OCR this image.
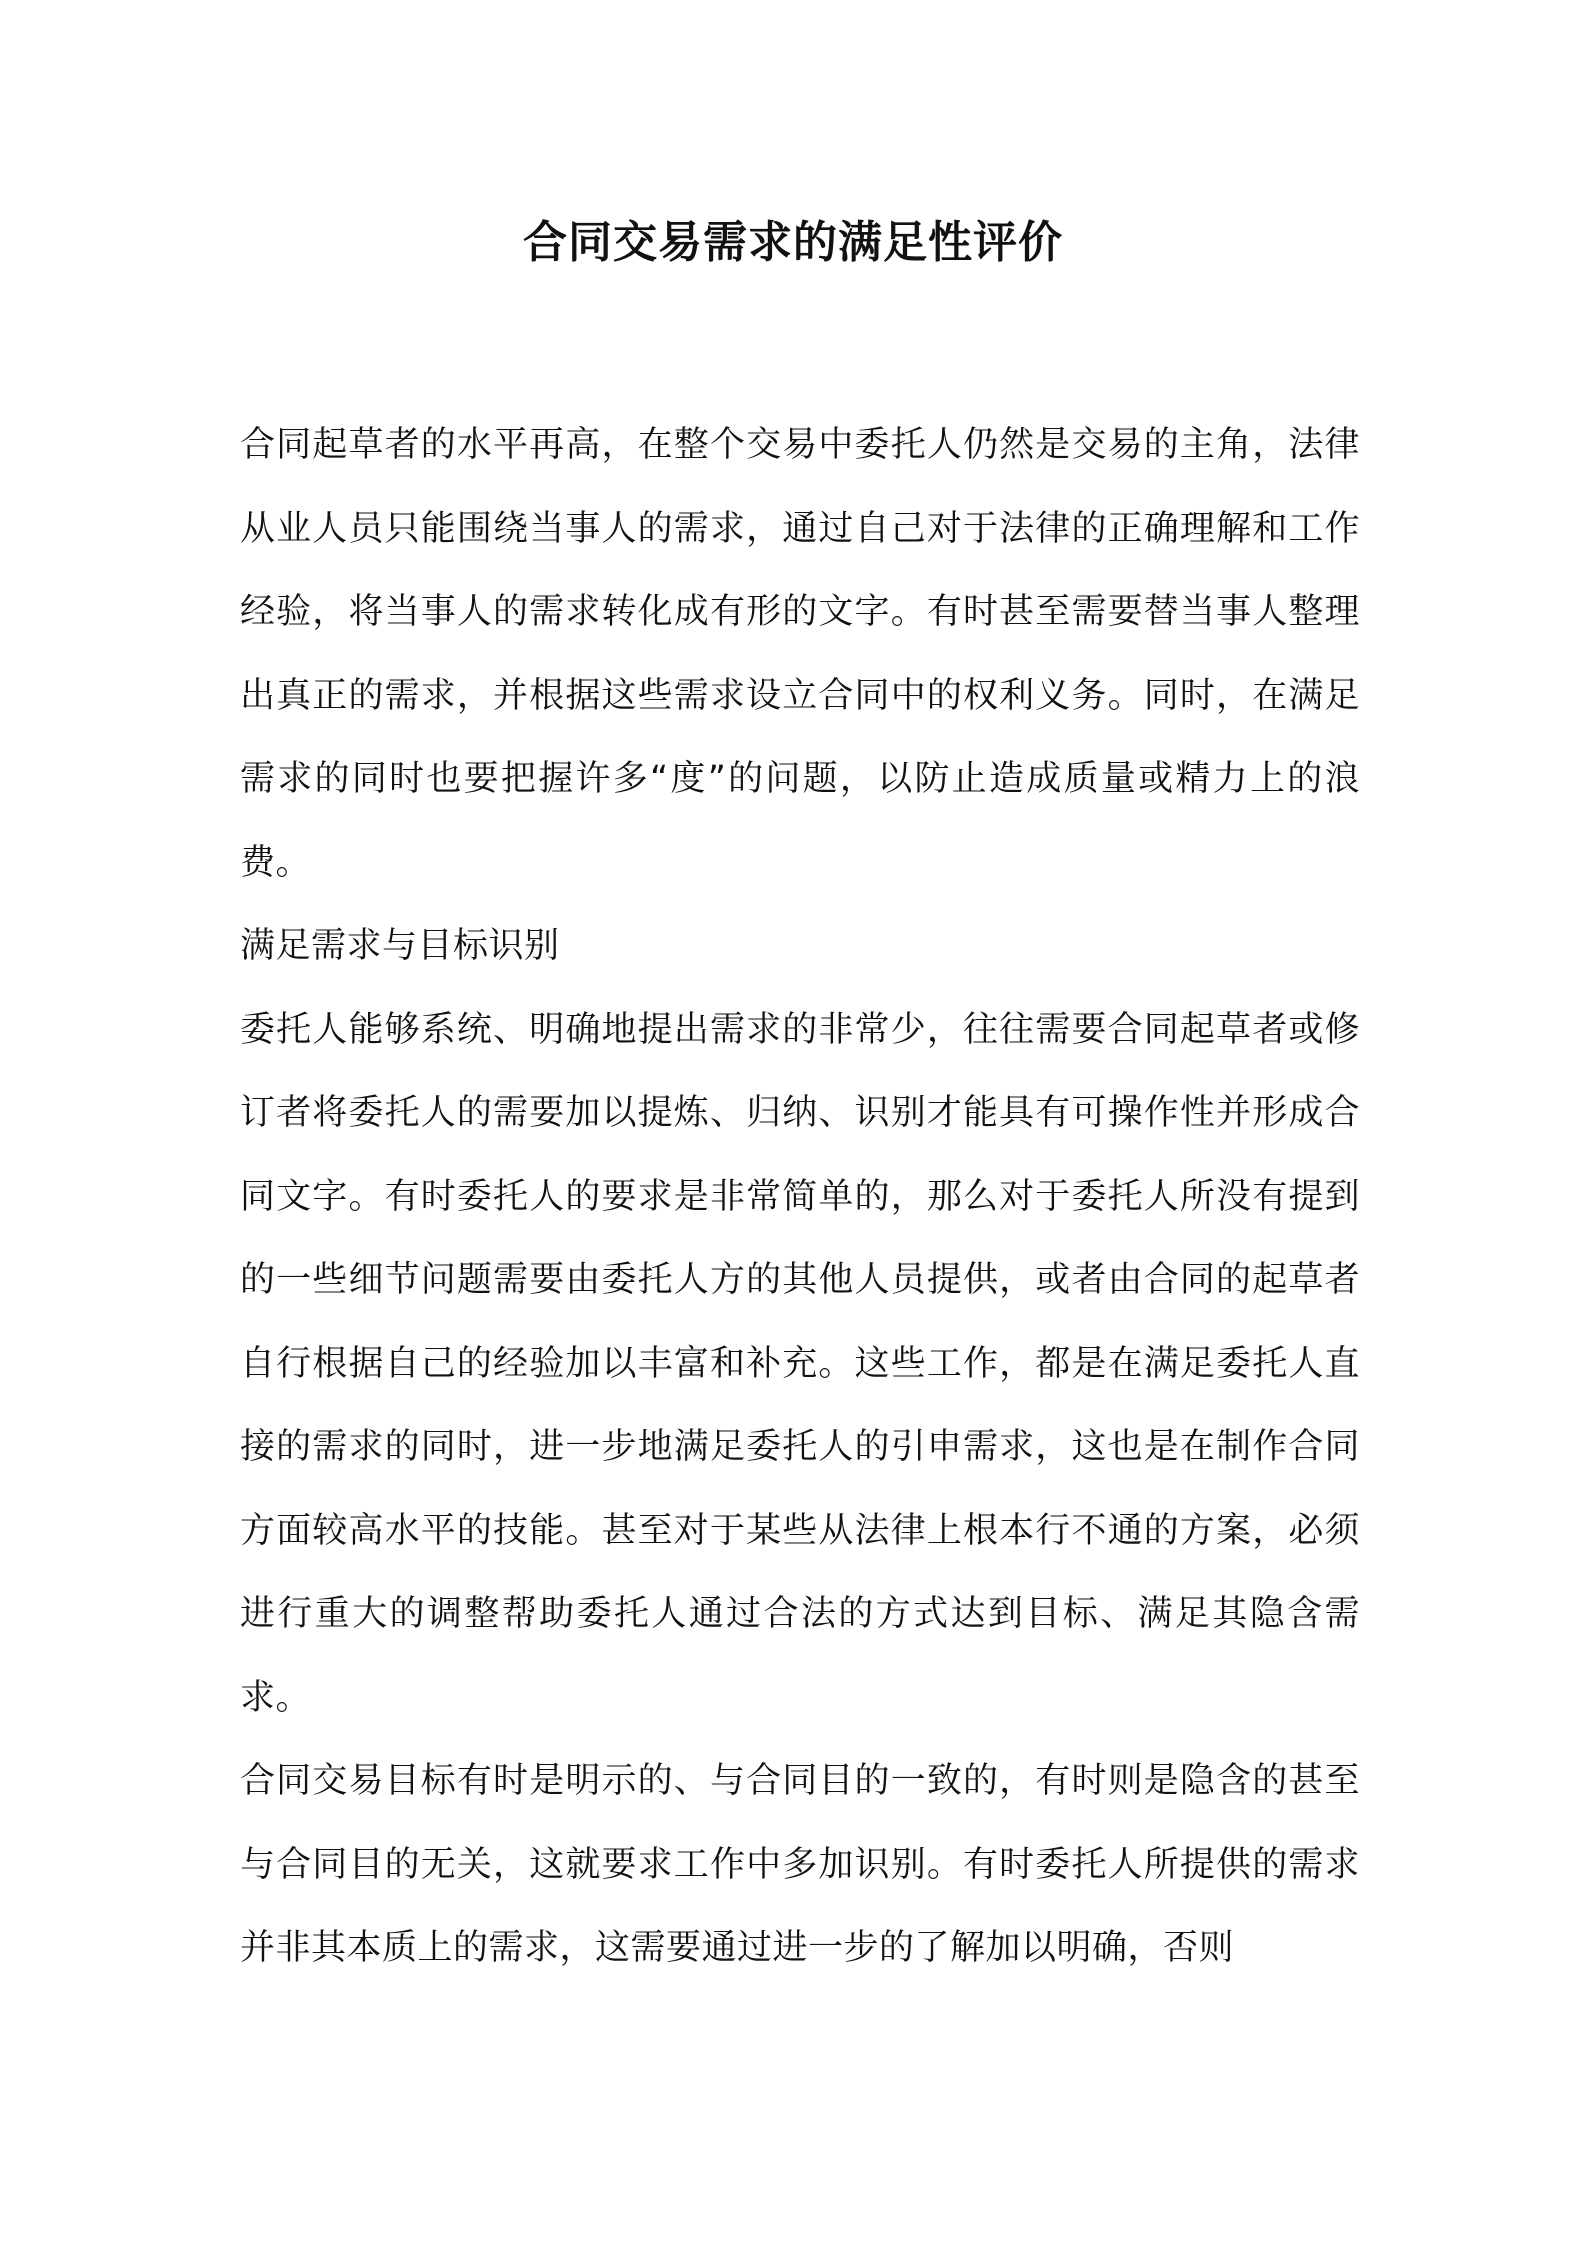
合同交易需求的满足性评价

合同起草者的水平再高，在整个交易中委托人仍然是交易的主角，法律从业人员只能围绕当事人的需求，通过自己对于法律的正确理解和工作经验，将当事人的需求转化成有形的文字。有时甚至需要替当事人整理出真正的需求，并根据这些需求设立合同中的权利义务。同时，在满足需求的同时也要把握许多“度”的问题，以防止造成质量或精力上的浪费。

满足需求与目标识别

委托人能够系统、明确地提出需求的非常少，往往需要合同起草者或修订者将委托人的需要加以提炼、归纳、识别才能具有可操作性并形成合同文字。有时委托人的要求是非常简单的，那么对于委托人所没有提到的一些细节问题需要由委托人方的其他人员提供，或者由合同的起草者自行根据自己的经验加以丰富和补充。这些工作，都是在满足委托人直接的需求的同时，进一步地满足委托人的引申需求，这也是在制作合同方面较高水平的技能。甚至对于某些从法律上根本行不通的方案，必须进行重大的调整帮助委托人通过合法的方式达到目标、满足其隐含需求。

合同交易目标有时是明示的、与合同目的一致的，有时则是隐含的甚至与合同目的无关，这就要求工作中多加识别。有时委托人所提供的需求并非其本质上的需求，这需要通过进一步的了解加以明确，否则
